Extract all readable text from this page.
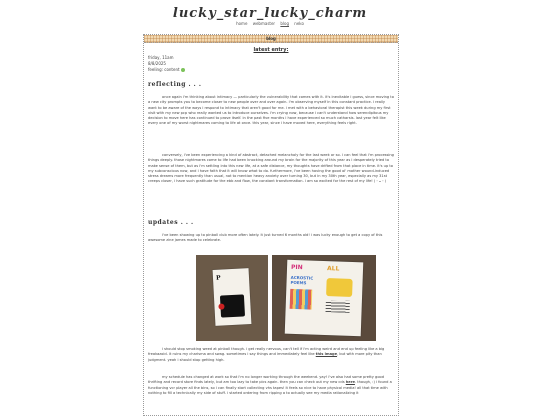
lucky_star_lucky_charm
home webmaster blog neko
blog
latest entry:
friday, 11am
8/8/2025
feeling: content
reflecting . . .
once again i'm thinking about intimacy — particularly the vulnerability that comes with it. it's inevitable i guess, since moving to a new city prompts you to become closer to new people over and over again. i'm observing myself in this constant practice. i really want to be aware of the ways i respond to intimacy that aren't good for me. i met with a behavioral therapist this week during my first visit with my new pcp who really wanted us to introduce ourselves. i'm crying now, because i can't understand how serendipitous my decision to move here has continued to prove itself. in the past five months i have experienced so much catharsis. last year felt like every one of my worst nightmares coming to life at once. this year, since i have moved here, everything feels right.
conversely, i've been experiencing a kind of abstract, detached melancholy for the last week or so. i can feel that i'm processing things deeply. those nightmares come to life had been knocking around my brain for the majority of this year as i desperately tried to make sense of them, but as i'm settling into this new life, at a safe distance, my thoughts have drifted from that place in time. it's up to my subconscious now, and i have faith that it will know what to do. furthermore, i've been having the good ol' mother wound-induced stress dreams more frequently than usual, not to mention heavy anxiety over turning 30, but in my 30th year, especially as my 31st creeps closer, i have such gratitude for the ebb and flow, the constant transformation. i am so excited for the rest of my life! (・ᴗ・)
updates . . .
i've been showing up to pinball club more often lately. it just turned 6 months old! i was lucky enough to get a copy of this awesome zine james made to celebrate.
P
PIN
ACROSTIC
POEMS
ALL
i should stop smoking weed at pinball though. i get really nervous, can't tell if i'm acting weird and end up feeling like a big freakazoid. it ruins my charisma and swag. sometimes i say things and immediately feel like this image, but with more pity than judgment. yeah i should stop getting high.
my schedule has changed at work so that i'm no longer working through the weekend. yay! i've also had some pretty good thrifting and record store finds lately, but am too lazy to take pics again. then you can check out my new cds here. though, :) i found a functioning vcr player all the bins, so i can finally start collecting vhs tapes! it feels so nice to have physical media! all that time with nothing to fill a technically my side of stuff. i started ordering from ripping a to actually see my media rationalizing it
